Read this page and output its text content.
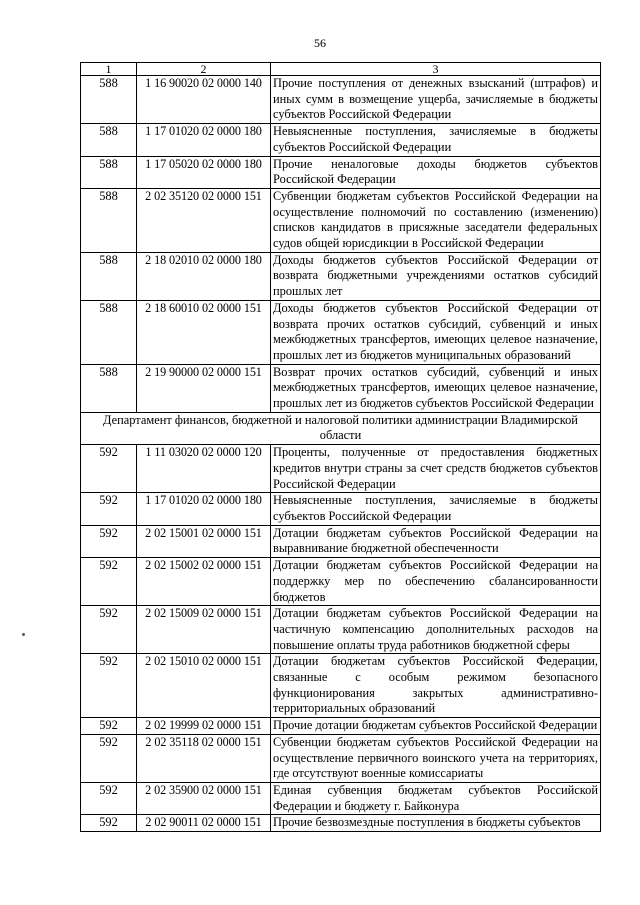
56
1	2	3
588	1 16 90020 02 0000 140	Прочие поступления от денежных взысканий (штрафов) и иных сумм в возмещение ущерба, зачисляемые в бюджеты субъектов Российской Федерации
588	1 17 01020 02 0000 180	Невыясненные поступления, зачисляемые в бюджеты субъектов Российской Федерации
588	1 17 05020 02 0000 180	Прочие неналоговые доходы бюджетов субъектов Российской Федерации
588	2 02 35120 02 0000 151	Субвенции бюджетам субъектов Российской Федерации на осуществление полномочий по составлению (изменению) списков кандидатов в присяжные заседатели федеральных судов общей юрисдикции в Российской Федерации
588	2 18 02010 02 0000 180	Доходы бюджетов субъектов Российской Федерации от возврата бюджетными учреждениями остатков субсидий прошлых лет
588	2 18 60010 02 0000 151	Доходы бюджетов субъектов Российской Федерации от возврата прочих остатков субсидий, субвенций и иных межбюджетных трансфертов, имеющих целевое назначение, прошлых лет из бюджетов муниципальных образований
588	2 19 90000 02 0000 151	Возврат прочих остатков субсидий, субвенций и иных межбюджетных трансфертов, имеющих целевое назначение, прошлых лет из бюджетов субъектов Российской Федерации
Департамент финансов, бюджетной и налоговой политики администрации Владимирской области		
592	1 11 03020 02 0000 120	Проценты, полученные от предоставления бюджетных кредитов внутри страны за счет средств бюджетов субъектов Российской Федерации
592	1 17 01020 02 0000 180	Невыясненные поступления, зачисляемые в бюджеты субъектов Российской Федерации
592	2 02 15001 02 0000 151	Дотации бюджетам субъектов Российской Федерации на выравнивание бюджетной обеспеченности
592	2 02 15002 02 0000 151	Дотации бюджетам субъектов Российской Федерации на поддержку мер по обеспечению сбалансированности бюджетов
592	2 02 15009 02 0000 151	Дотации бюджетам субъектов Российской Федерации на частичную компенсацию дополнительных расходов на повышение оплаты труда работников бюджетной сферы
592	2 02 15010 02 0000 151	Дотации бюджетам субъектов Российской Федерации, связанные с особым режимом безопасного функционирования закрытых административно-территориальных образований
592	2 02 19999 02 0000 151	Прочие дотации бюджетам субъектов Российской Федерации
592	2 02 35118 02 0000 151	Субвенции бюджетам субъектов Российской Федерации на осуществление первичного воинского учета на территориях, где отсутствуют военные комиссариаты
592	2 02 35900 02 0000 151	Единая субвенция бюджетам субъектов Российской Федерации и бюджету г. Байконура
592	2 02 90011 02 0000 151	Прочие безвозмездные поступления в бюджеты субъектов
